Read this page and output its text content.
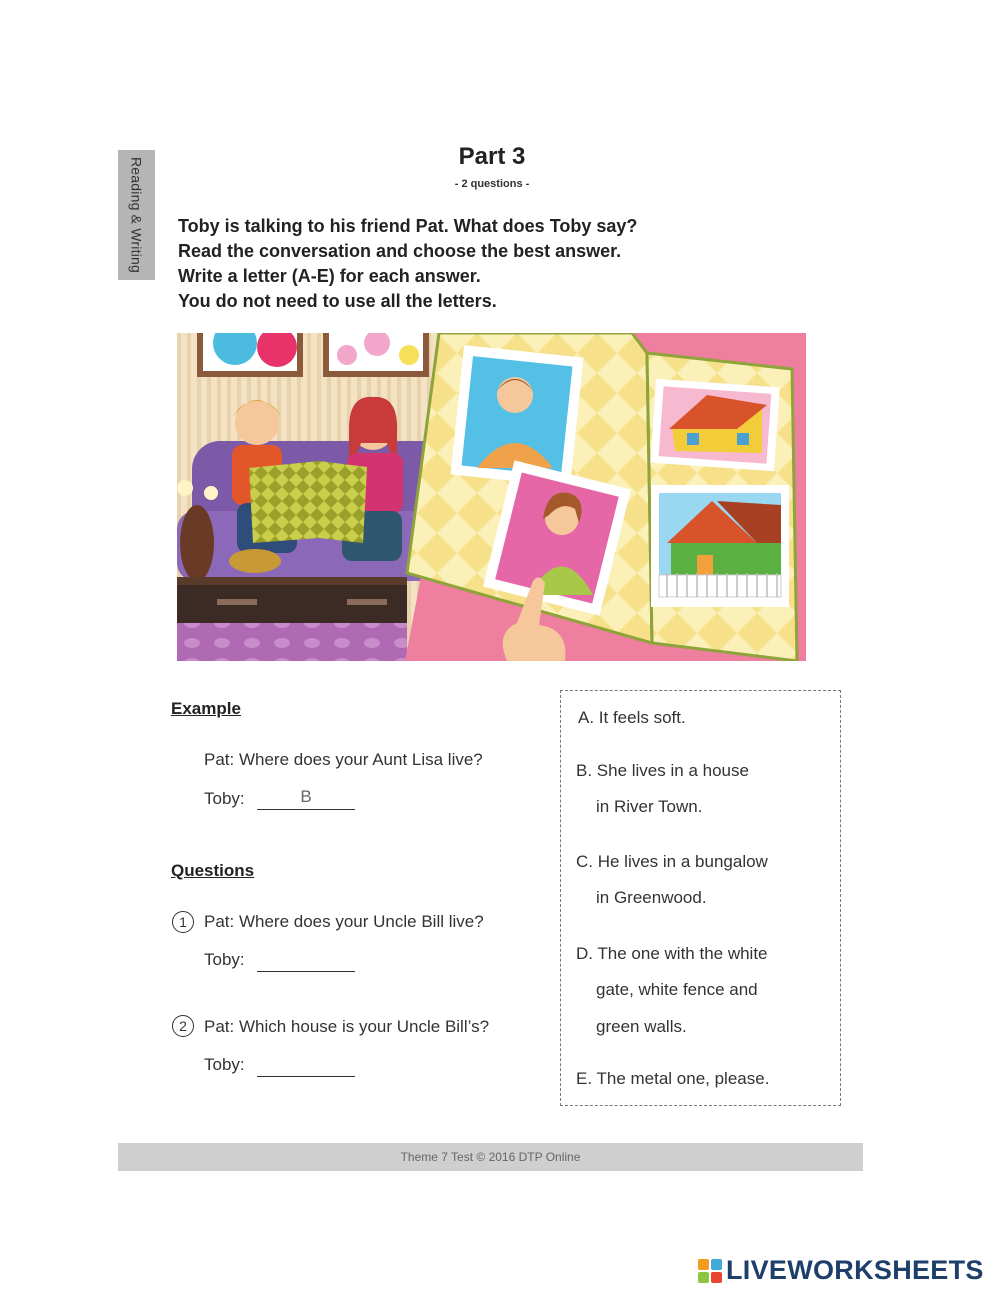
Reading & Writing
Part 3
- 2 questions -
Toby is talking to his friend Pat. What does Toby say?
Read the conversation and choose the best answer.
Write a letter (A-E) for each answer.
You do not need to use all the letters.
Example
Pat: Where does your Aunt Lisa live?
Toby:	B
Questions
1	Pat: Where does your Uncle Bill live?
Toby:
2	Pat: Which house is your Uncle Bill’s?
Toby:
A. It feels soft.
B. She lives in a house
in River Town.
C. He lives in a bungalow
in Greenwood.
D. The one with the white
gate, white fence and
green walls.
E. The metal one, please.
Theme 7 Test © 2016 DTP Online
LIVEWORKSHEETS
